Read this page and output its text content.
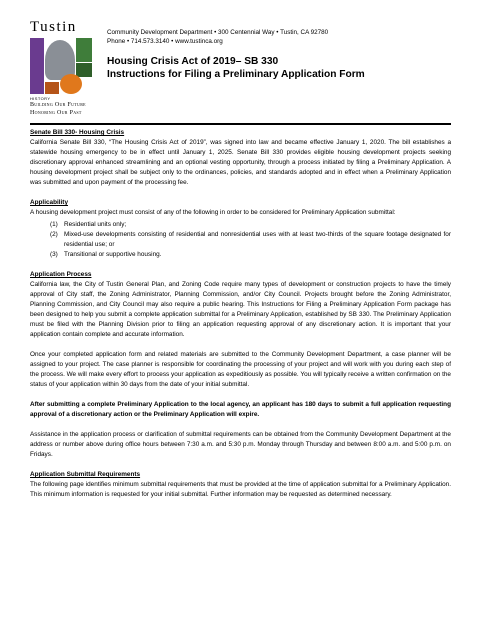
Tustin
HISTORY
Building Our Future
Honoring Our Past
Community Development Department • 300 Centennial Way • Tustin, CA 92780
Phone • 714.573.3140 • www.tustinca.org
Housing Crisis Act of 2019– SB 330
Instructions for Filing a Preliminary Application Form
Senate Bill 330- Housing Crisis
California Senate Bill 330, “The Housing Crisis Act of 2019”, was signed into law and became effective January 1, 2020. The bill establishes a statewide housing emergency to be in effect until January 1, 2025. Senate Bill 330 provides eligible housing development projects seeking discretionary approval enhanced streamlining and an optional vesting opportunity, through a process initiated by filing a Preliminary Application. A housing development project shall be subject only to the ordinances, policies, and standards adopted and in effect when a Preliminary Application was submitted and upon payment of the processing fee.
Applicability
A housing development project must consist of any of the following in order to be considered for Preliminary Application submittal:
(1) Residential units only;
(2) Mixed-use developments consisting of residential and nonresidential uses with at least two-thirds of the square footage designated for residential use; or
(3) Transitional or supportive housing.
Application Process
California law, the City of Tustin General Plan, and Zoning Code require many types of development or construction projects to have the timely approval of City staff, the Zoning Administrator, Planning Commission, and/or City Council. Projects brought before the Zoning Administrator, Planning Commission, and City Council may also require a public hearing. This Instructions for Filing a Preliminary Application Form package has been designed to help you submit a complete application submittal for a Preliminary Application, established by SB 330. The Preliminary Application must be filed with the Planning Division prior to filing an application requesting approval of any discretionary action. It is important that your application contain complete and accurate information.
Once your completed application form and related materials are submitted to the Community Development Department, a case planner will be assigned to your project. The case planner is responsible for coordinating the processing of your project and will work with you during each step of the process. We will make every effort to process your application as expeditiously as possible. You will typically receive a written confirmation on the status of your application within 30 days from the date of your initial submittal.
After submitting a complete Preliminary Application to the local agency, an applicant has 180 days to submit a full application requesting approval of a discretionary action or the Preliminary Application will expire.
Assistance in the application process or clarification of submittal requirements can be obtained from the Community Development Department at the address or number above during office hours between 7:30 a.m. and 5:30 p.m. Monday through Thursday and between 8:00 a.m. and 5:00 p.m. on Fridays.
Application Submittal Requirements
The following page identifies minimum submittal requirements that must be provided at the time of application submittal for a Preliminary Application. This minimum information is requested for your initial submittal. Further information may be requested as determined necessary.
